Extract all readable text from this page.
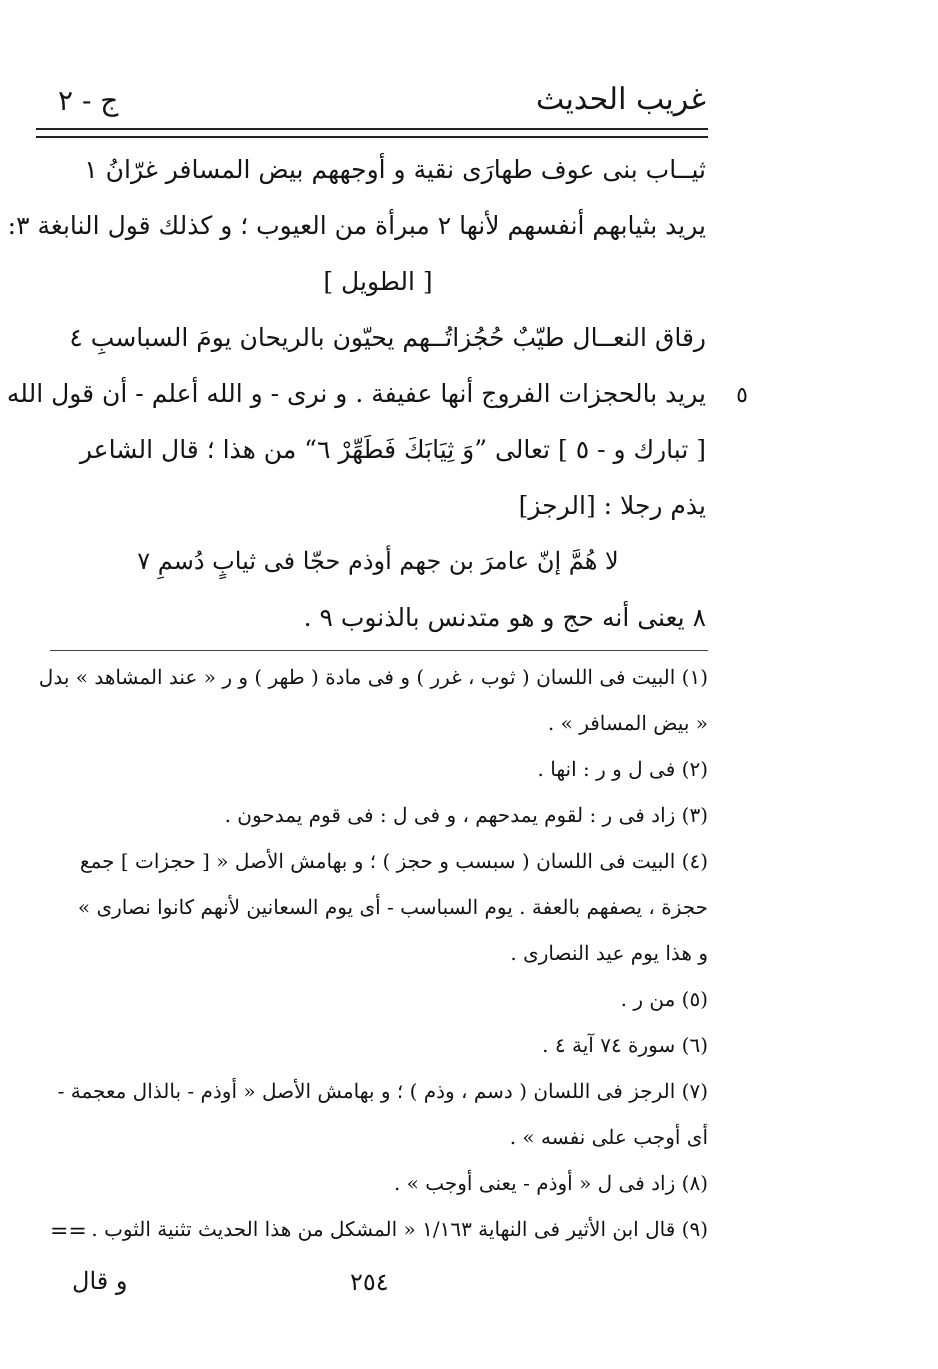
غريب الحديث
ج - ٢
ثيــاب بنى عوف طهارَى نقية و أوجههم بيض المسافر غرّانُ ١
يريد بثيابهم أنفسهم لأنها ٢ مبرأة من العيوب ؛ و كذلك قول النابغة ٣:
[ الطويل ]
رقاق النعــال طيّبٌ حُجُزاتُــهم يحيّون بالريحان يومَ السباسبِ ٤
٥
يريد بالحجزات الفروج أنها عفيفة . و نرى - و الله أعلم - أن قول الله
[ تبارك و - ٥ ] تعالى ”وَ ثِيَابَكَ فَطَهِّرْ ٦“ من هذا ؛ قال الشاعر
يذم رجلا : [الرجز]
لا هُمَّ إنّ عامرَ بن جهم أوذم حجّا فى ثيابٍ دُسمِ ٧
٨ يعنى أنه حج و هو متدنس بالذنوب ٩ .
(١) البيت فى اللسان ( ثوب ، غرر ) و فى مادة ( طهر ) و ر « عند المشاهد » بدل
« بيض المسافر » .
(٢) فى ل و ر : انها .
(٣) زاد فى ر : لقوم يمدحهم ، و فى ل : فى قوم يمدحون .
(٤) البيت فى اللسان ( سبسب و حجز ) ؛ و بهامش الأصل « [ حجزات ] جمع
حجزة ، يصفهم بالعفة . يوم السباسب - أى يوم السعانين لأنهم كانوا نصارى »
و هذا يوم عيد النصارى .
(٥) من ر .
(٦) سورة ٧٤ آية ٤ .
(٧) الرجز فى اللسان ( دسم ، وذم ) ؛ و بهامش الأصل « أوذم - بالذال معجمة -
أى أوجب على نفسه » .
(٨) زاد فى ل « أوذم - يعنى أوجب » .
(٩) قال ابن الأثير فى النهاية ١/١٦٣ « المشكل من هذا الحديث تثنية الثوب .
==
٢٥٤
و قال
